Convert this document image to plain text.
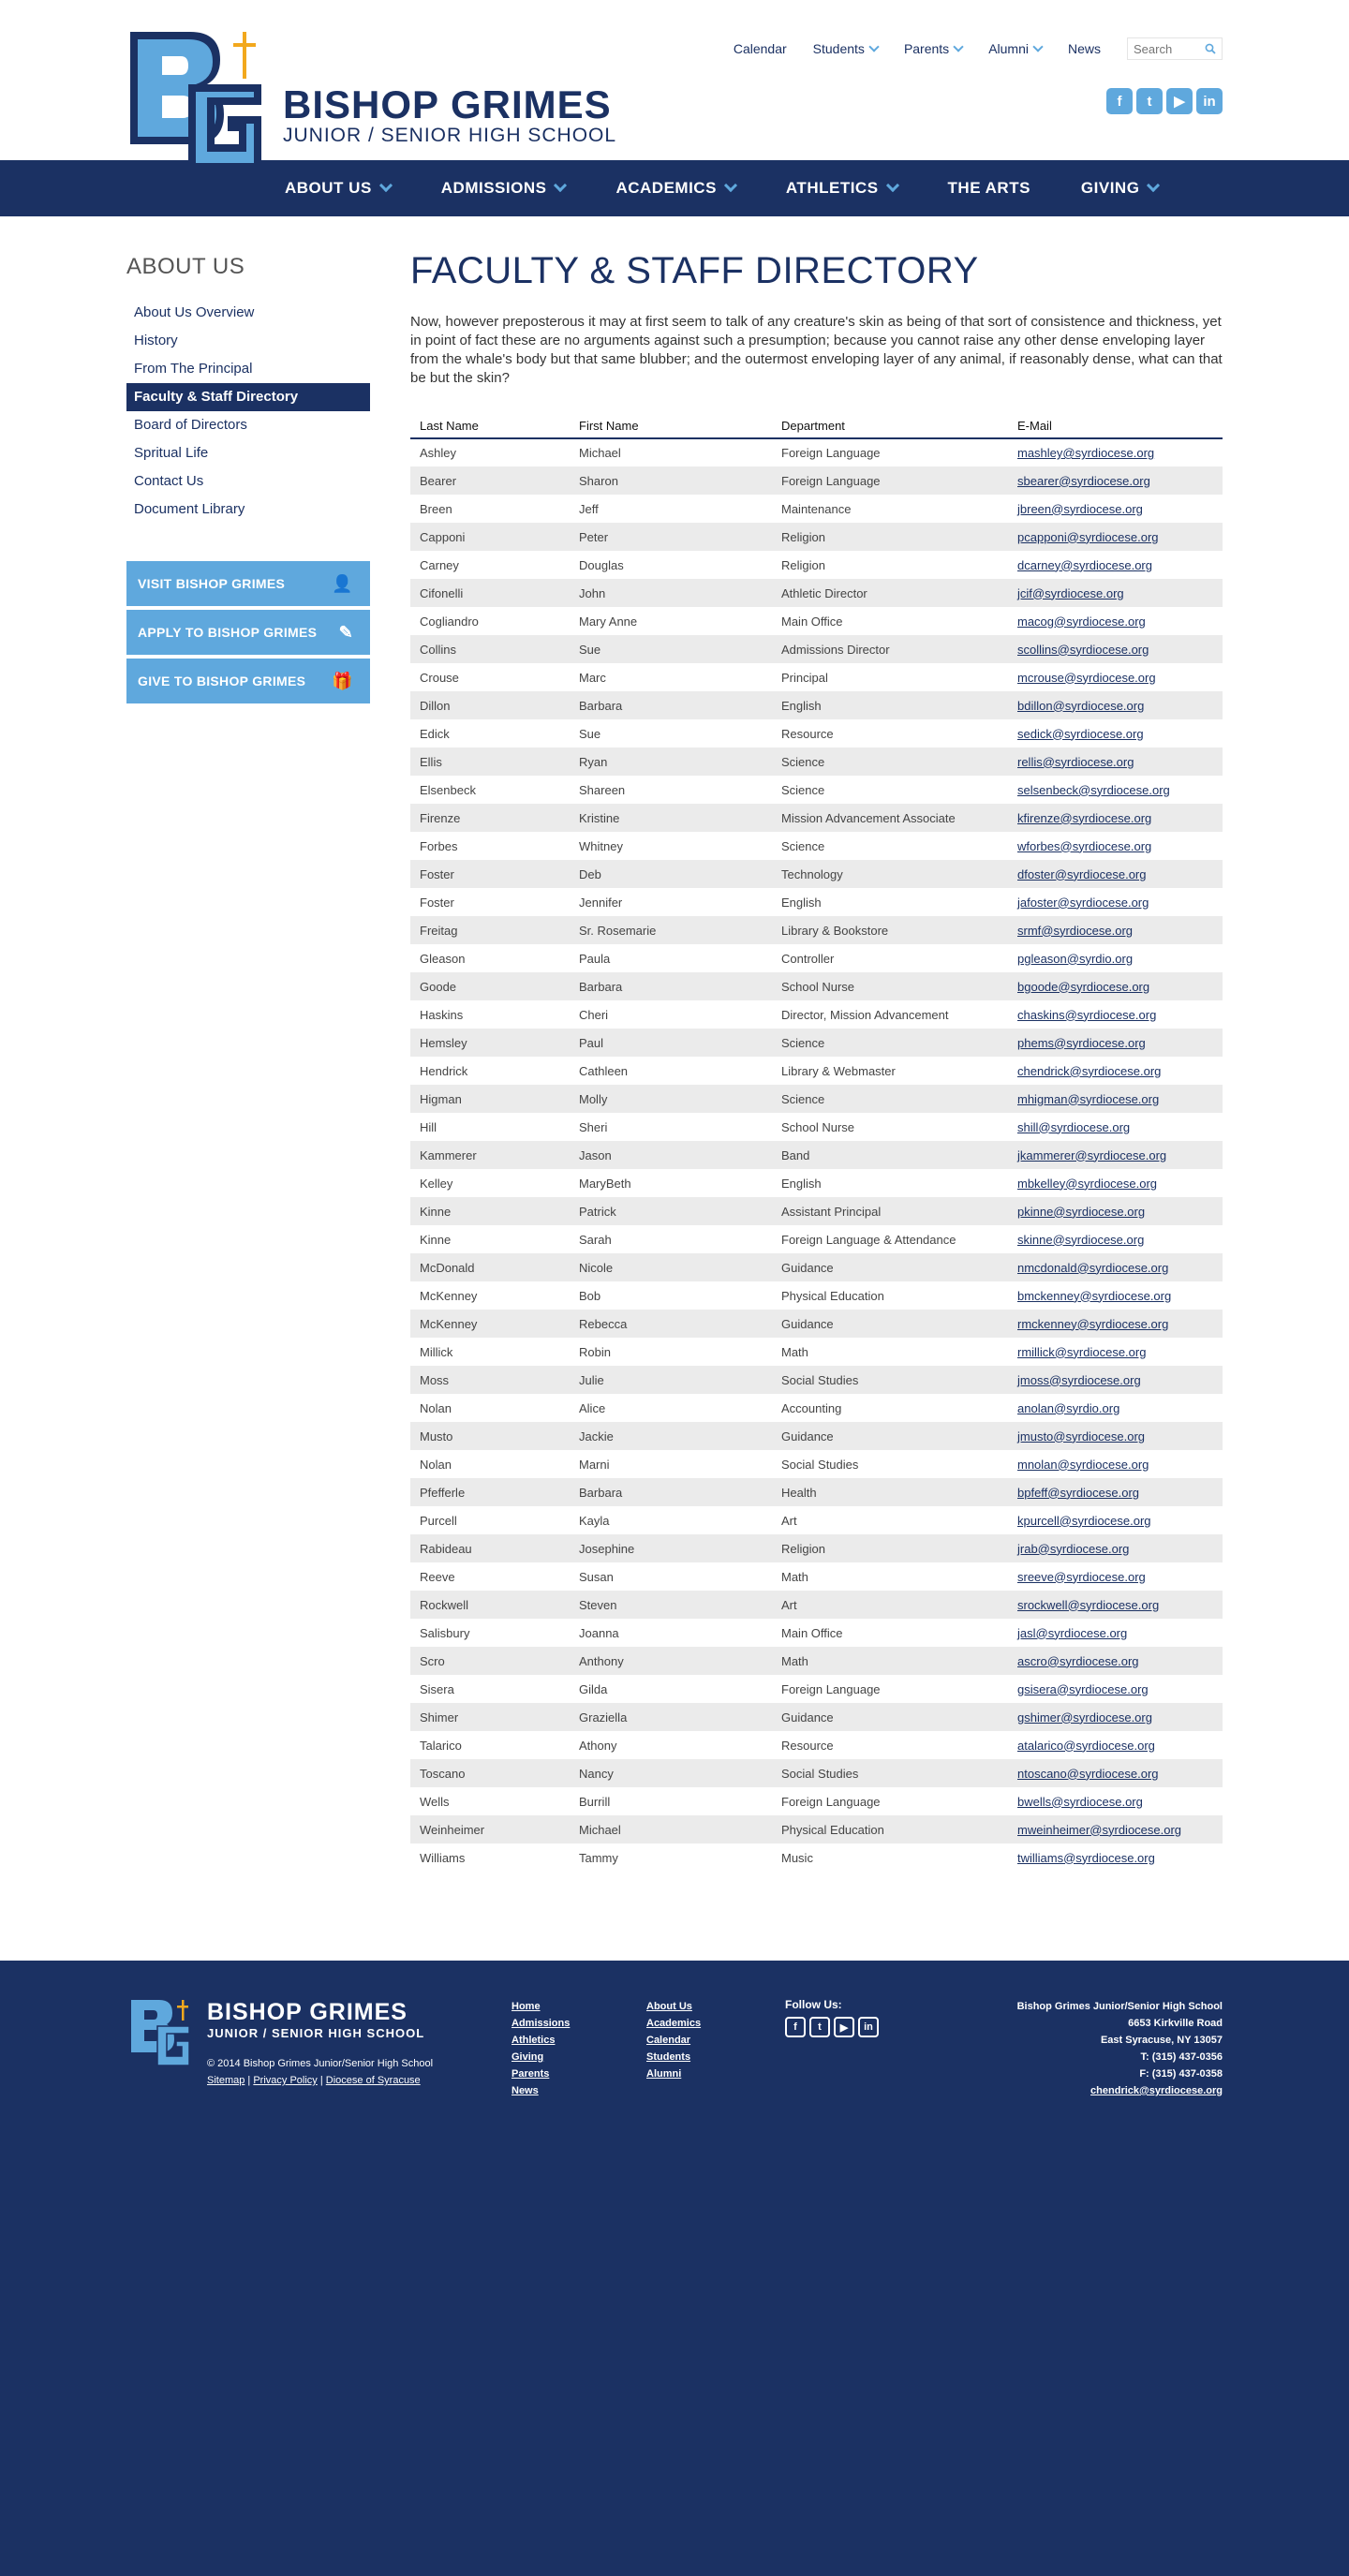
BISHOP GRIMES
JUNIOR / SENIOR HIGH SCHOOL
Calendar Students	Parents	Alumni	News
Search
f	t	▶	in
ABOUT US	ADMISSIONS	ACADEMICS	ATHLETICS	THE ARTS	GIVING
ABOUT US
About Us Overview
History
From The Principal
Faculty & Staff Directory
Board of Directors
Spritual Life
Contact Us
Document Library
VISIT BISHOP GRIMES	👤
APPLY TO BISHOP GRIMES ✎
GIVE TO BISHOP GRIMES 🎁
FACULTY & STAFF DIRECTORY

Now, however preposterous it may at first seem to talk of any creature's skin as being of that sort of consistence and thickness, yet in point of fact these are no arguments against such a presumption; because you cannot raise any other dense enveloping layer from the whale's body but that same blubber; and the outermost enveloping layer of any animal, if reasonably dense, what can that be but the skin?

Last Name	First Name	Department	E-Mail
Ashley	Michael	Foreign Language	mashley@syrdiocese.org
Bearer	Sharon	Foreign Language	sbearer@syrdiocese.org
Breen	Jeff	Maintenance	jbreen@syrdiocese.org
Capponi	Peter	Religion	pcapponi@syrdiocese.org
Carney	Douglas	Religion	dcarney@syrdiocese.org
Cifonelli	John	Athletic Director	jcif@syrdiocese.org
Cogliandro	Mary Anne	Main Office	macog@syrdiocese.org
Collins	Sue	Admissions Director	scollins@syrdiocese.org
Crouse	Marc	Principal	mcrouse@syrdiocese.org
Dillon	Barbara	English	bdillon@syrdiocese.org
Edick	Sue	Resource	sedick@syrdiocese.org
Ellis	Ryan	Science	rellis@syrdiocese.org
Elsenbeck	Shareen	Science	selsenbeck@syrdiocese.org
Firenze	Kristine	Mission Advancement Associate	kfirenze@syrdiocese.org
Forbes	Whitney	Science	wforbes@syrdiocese.org
Foster	Deb	Technology	dfoster@syrdiocese.org
Foster	Jennifer	English	jafoster@syrdiocese.org
Freitag	Sr. Rosemarie	Library & Bookstore	srmf@syrdiocese.org
Gleason	Paula	Controller	pgleason@syrdio.org
Goode	Barbara	School Nurse	bgoode@syrdiocese.org
Haskins	Cheri	Director, Mission Advancement	chaskins@syrdiocese.org
Hemsley	Paul	Science	phems@syrdiocese.org
Hendrick	Cathleen	Library & Webmaster	chendrick@syrdiocese.org
Higman	Molly	Science	mhigman@syrdiocese.org
Hill	Sheri	School Nurse	shill@syrdiocese.org
Kammerer	Jason	Band	jkammerer@syrdiocese.org
Kelley	MaryBeth	English	mbkelley@syrdiocese.org
Kinne	Patrick	Assistant Principal	pkinne@syrdiocese.org
Kinne	Sarah	Foreign Language & Attendance	skinne@syrdiocese.org
McDonald	Nicole	Guidance	nmcdonald@syrdiocese.org
McKenney	Bob	Physical Education	bmckenney@syrdiocese.org
McKenney	Rebecca	Guidance	rmckenney@syrdiocese.org
Millick	Robin	Math	rmillick@syrdiocese.org
Moss	Julie	Social Studies	jmoss@syrdiocese.org
Nolan	Alice	Accounting	anolan@syrdio.org
Musto	Jackie	Guidance	jmusto@syrdiocese.org
Nolan	Marni	Social Studies	mnolan@syrdiocese.org
Pfefferle	Barbara	Health	bpfeff@syrdiocese.org
Purcell	Kayla	Art	kpurcell@syrdiocese.org
Rabideau	Josephine	Religion	jrab@syrdiocese.org
Reeve	Susan	Math	sreeve@syrdiocese.org
Rockwell	Steven	Art	srockwell@syrdiocese.org
Salisbury	Joanna	Main Office	jasl@syrdiocese.org
Scro	Anthony	Math	ascro@syrdiocese.org
Sisera	Gilda	Foreign Language	gsisera@syrdiocese.org
Shimer	Graziella	Guidance	gshimer@syrdiocese.org
Talarico	Athony	Resource	atalarico@syrdiocese.org
Toscano	Nancy	Social Studies	ntoscano@syrdiocese.org
Wells	Burrill	Foreign Language	bwells@syrdiocese.org
Weinheimer	Michael	Physical Education	mweinheimer@syrdiocese.org
Williams	Tammy	Music	twilliams@syrdiocese.org
BISHOP GRIMES
JUNIOR / SENIOR HIGH SCHOOL
© 2014 Bishop Grimes Junior/Senior High School
Sitemap | Privacy Policy | Diocese of Syracuse
Home
Admissions
Athletics
Giving
Parents
News
About Us
Academics
Calendar
Students
Alumni
Follow Us:
f	t	▶	in
Bishop Grimes Junior/Senior High School
6653 Kirkville Road
East Syracuse, NY 13057
T: (315) 437-0356
F: (315) 437-0358
chendrick@syrdiocese.org
